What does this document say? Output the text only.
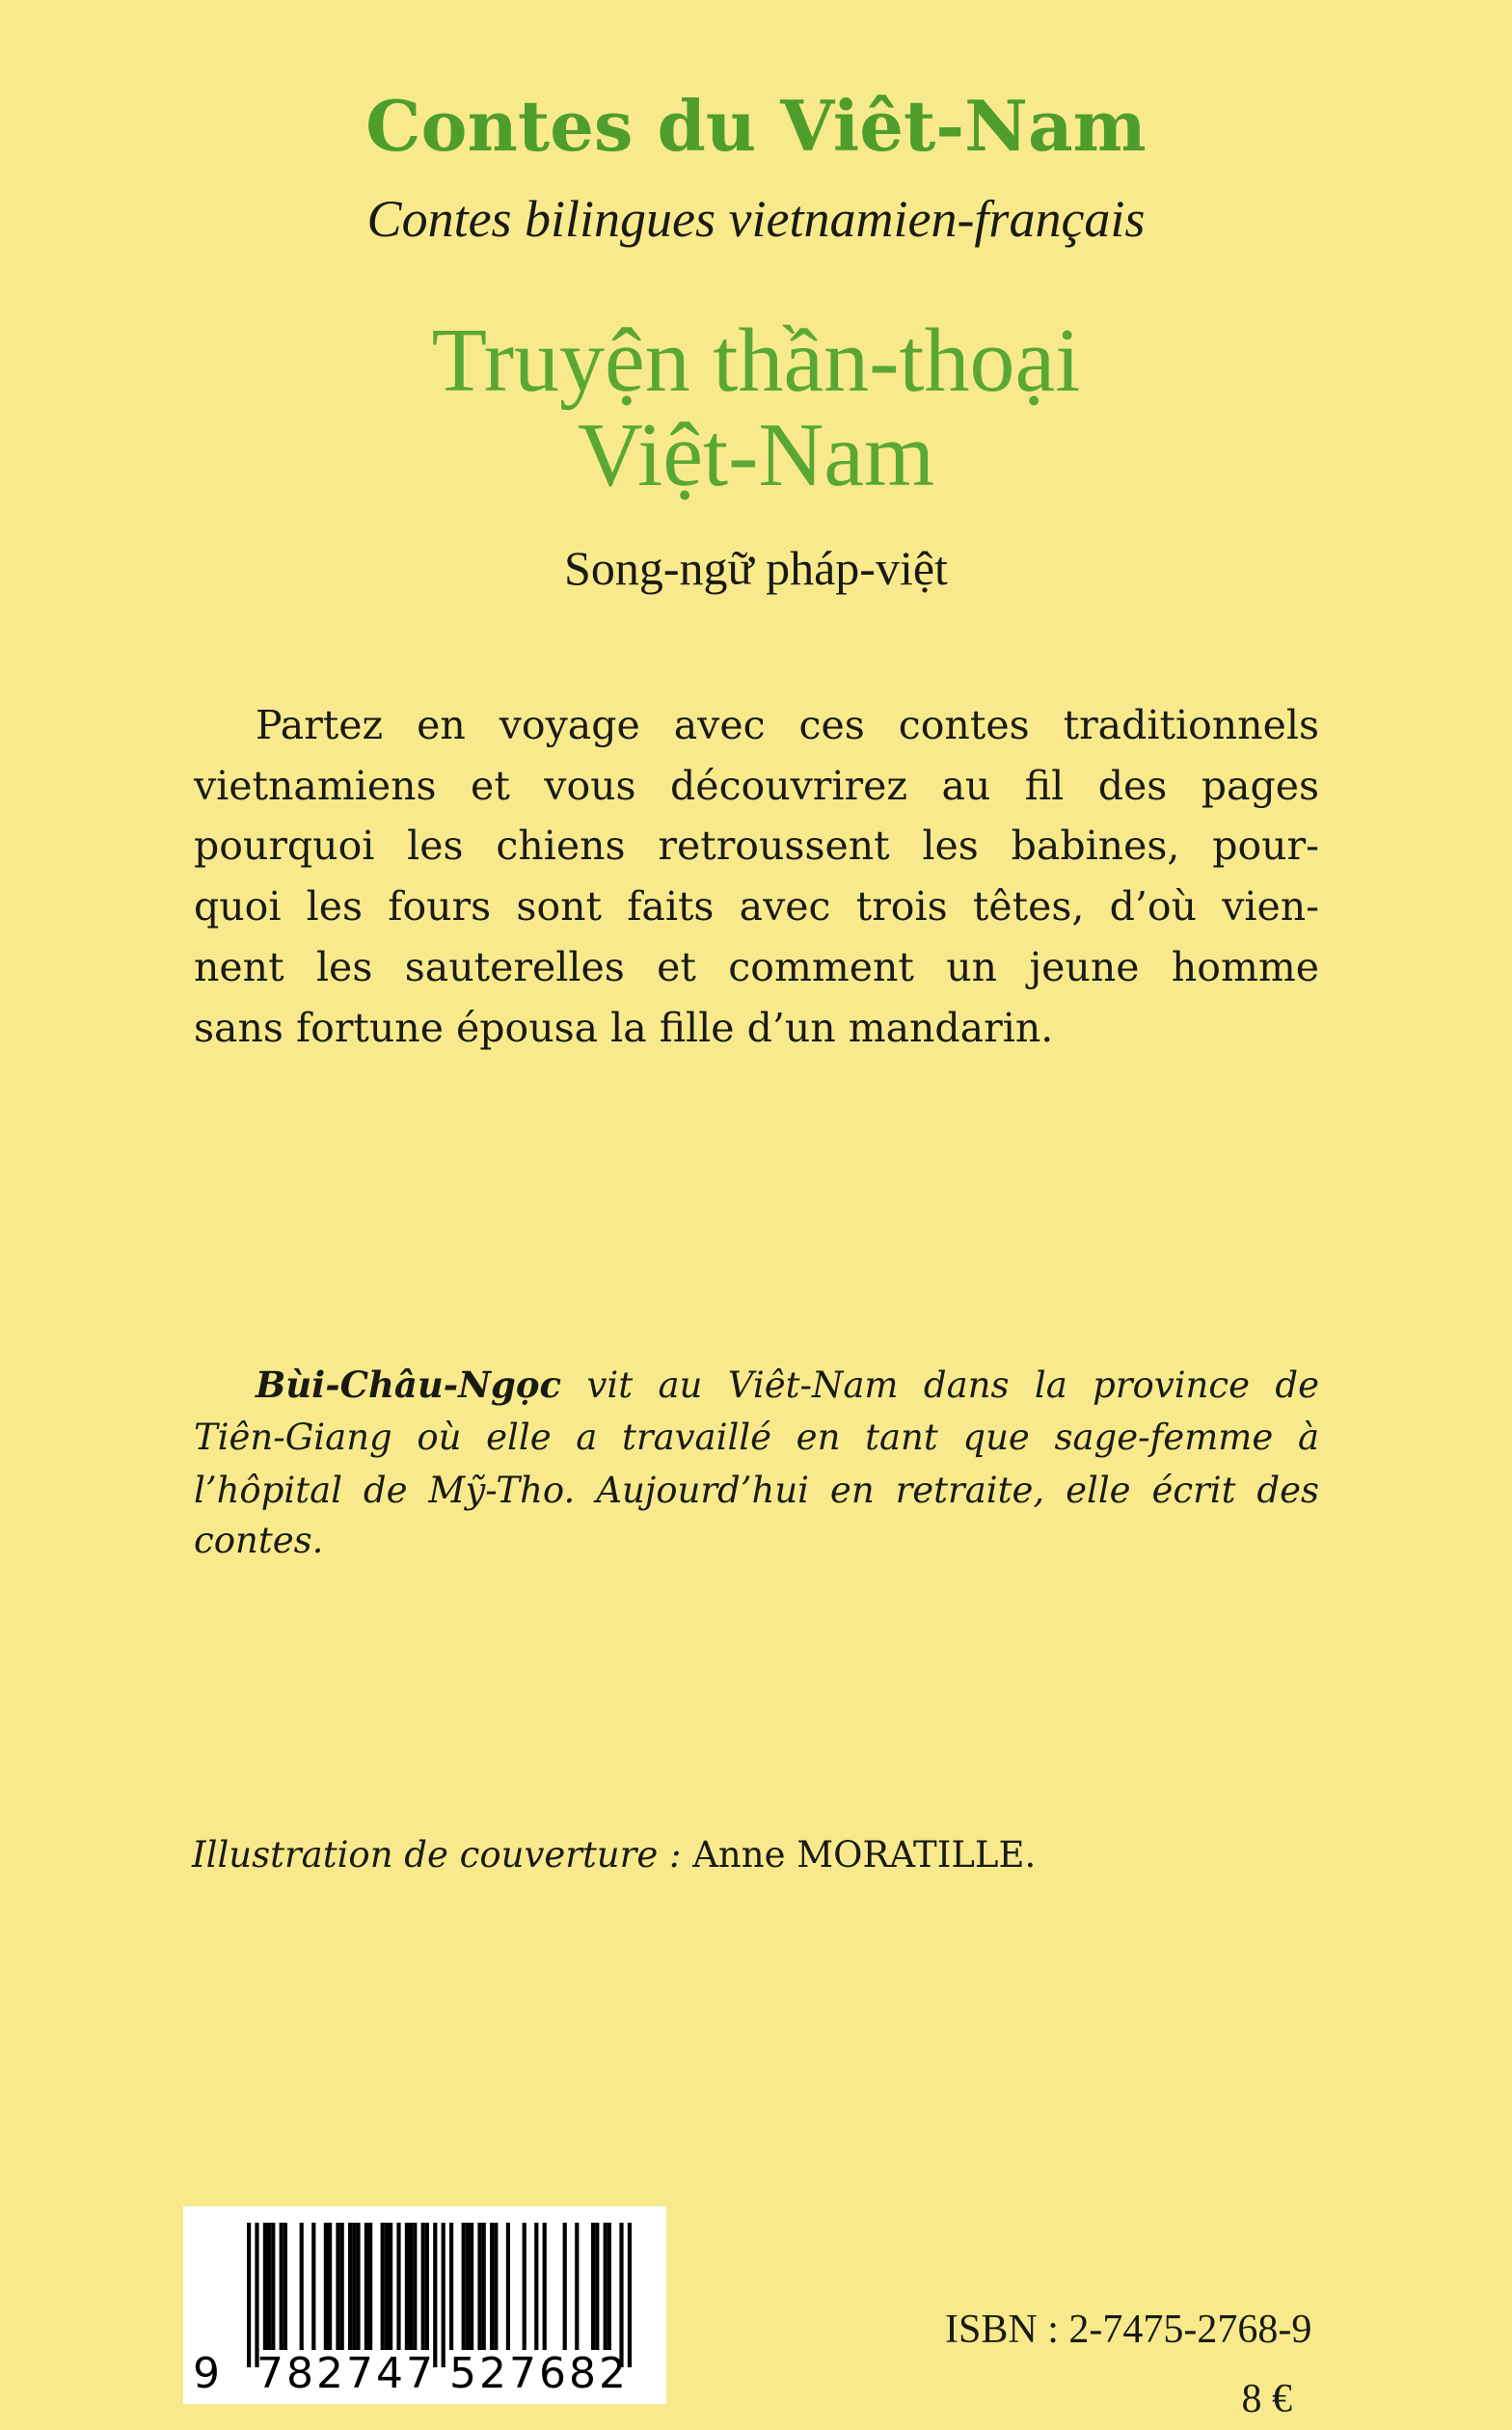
Contes du Viêt-Nam
Contes bilingues vietnamien-français
Truyện thần-thoại
Việt-Nam
Song-ngữ pháp-việt
Partez en voyage avec ces contes traditionnels
vietnamiens et vous découvrirez au fil des pages
pourquoi les chiens retroussent les babines, pour-
quoi les fours sont faits avec trois têtes, d’où vien-
nent les sauterelles et comment un jeune homme
sans fortune épousa la fille d’un mandarin.
Bùi-Châu-Ngọc vit au Viêt-Nam dans la province de
Tiên-Giang où elle a travaillé en tant que sage-femme à
l’hôpital de Mỹ-Tho. Aujourd’hui en retraite, elle écrit des
contes.
Illustration de couverture : Anne MORATILLE.
9 782747 527682
ISBN : 2-7475-2768-9
8 €
